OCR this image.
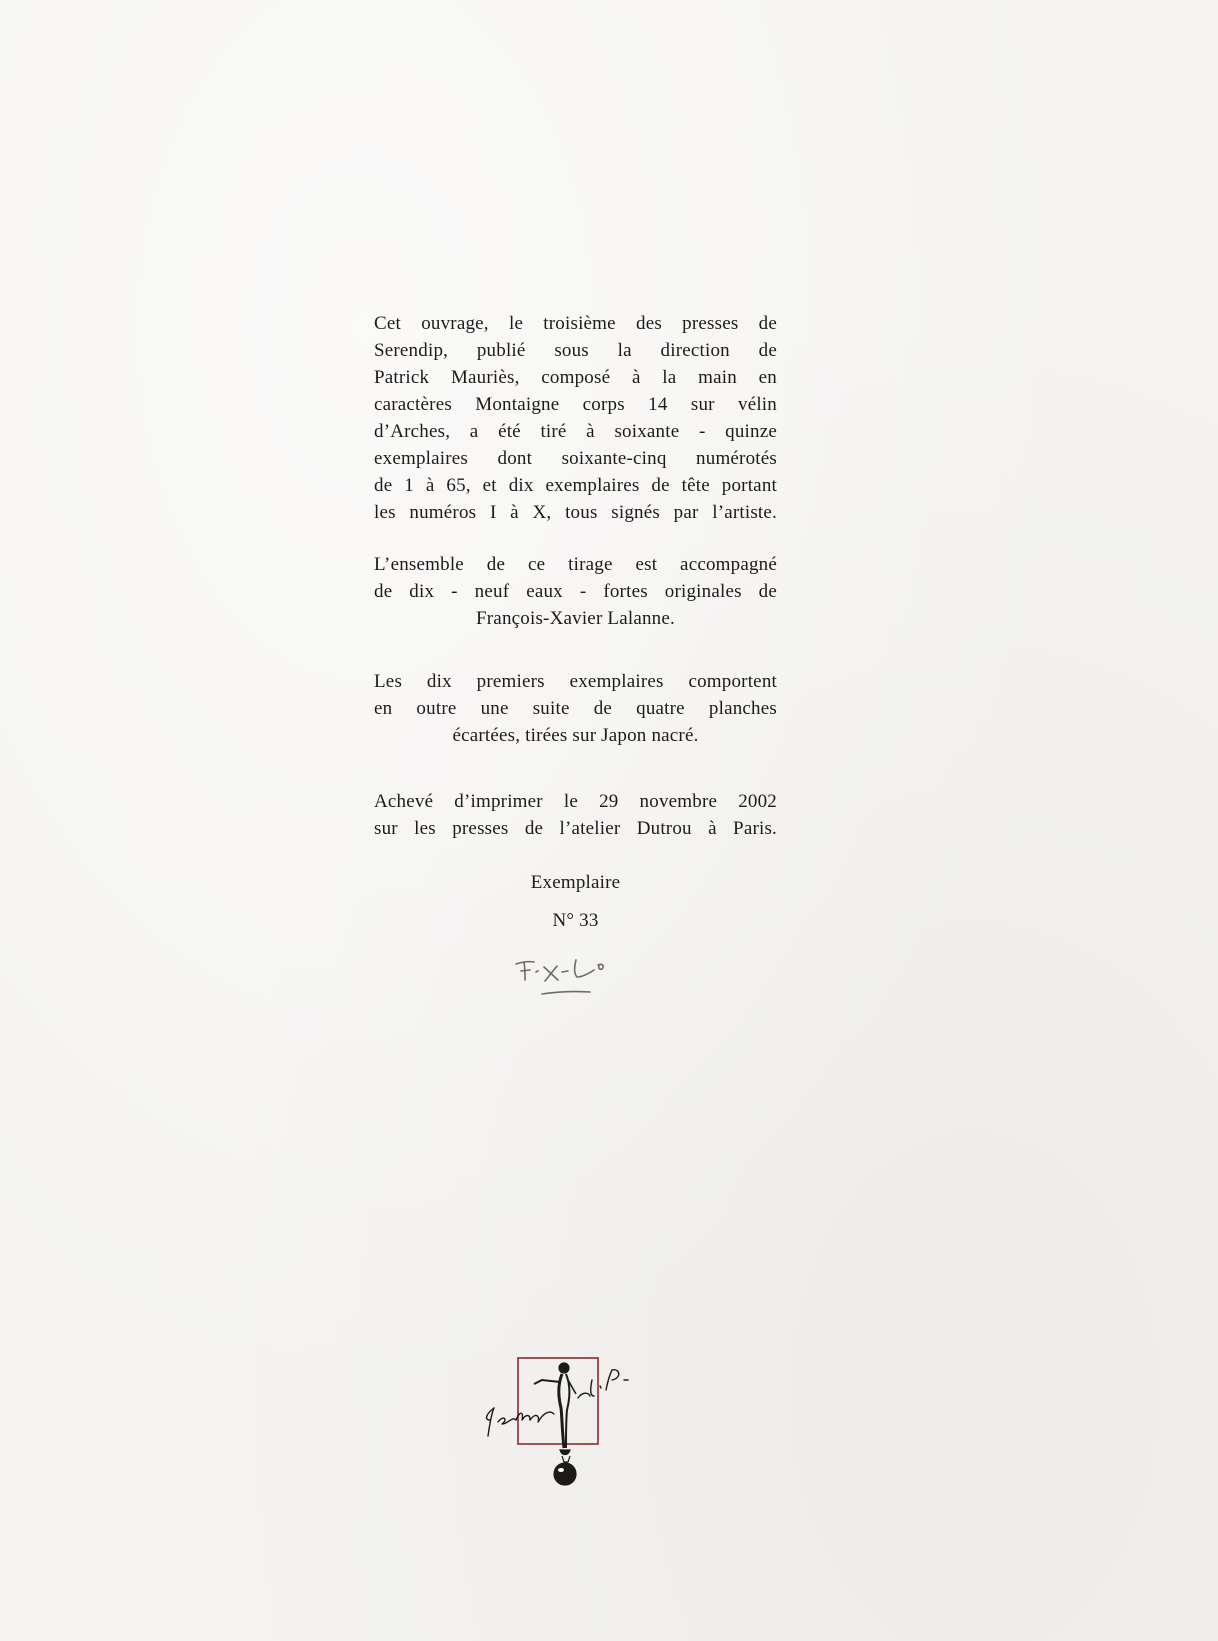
Cet ouvrage, le troisième des presses de
Serendip, publié sous la direction de
Patrick Mauriès, composé à la main en
caractères Montaigne corps 14 sur vélin
d’Arches, a été tiré à soixante - quinze
exemplaires dont soixante-cinq numérotés
de 1 à 65, et dix exemplaires de tête portant
les numéros I à X, tous signés par l’artiste.

L’ensemble de ce tirage est accompagné
de dix - neuf eaux - fortes originales de
François-Xavier Lalanne.

Les dix premiers exemplaires comportent
en outre une suite de quatre planches
écartées, tirées sur Japon nacré.

Achevé d’imprimer le 29 novembre 2002
sur les presses de l’atelier Dutrou à Paris.

Exemplaire
N° 33
